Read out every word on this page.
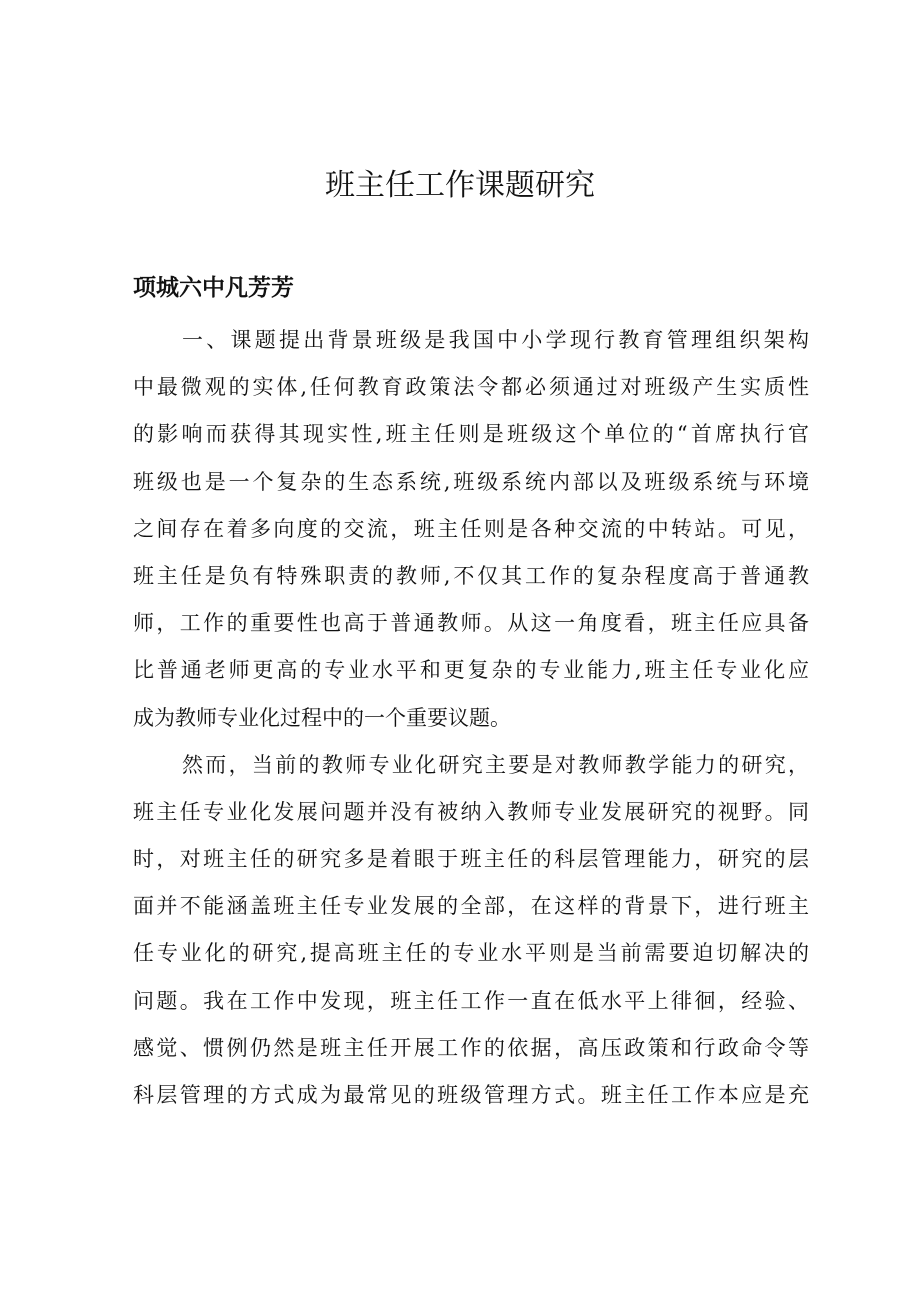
班主任工作课题研究
项城六中凡芳芳
一、课题提出背景班级是我国中小学现行教育管理组织架构
中最微观的实体,任何教育政策法令都必须通过对班级产生实质性
的影响而获得其现实性,班主任则是班级这个单位的“首席执行官
班级也是一个复杂的生态系统,班级系统内部以及班级系统与环境
之间存在着多向度的交流，班主任则是各种交流的中转站。可见，
班主任是负有特殊职责的教师,不仅其工作的复杂程度高于普通教
师，工作的重要性也高于普通教师。从这一角度看，班主任应具备
比普通老师更高的专业水平和更复杂的专业能力,班主任专业化应
成为教师专业化过程中的一个重要议题。
然而，当前的教师专业化研究主要是对教师教学能力的研究，
班主任专业化发展问题并没有被纳入教师专业发展研究的视野。同
时，对班主任的研究多是着眼于班主任的科层管理能力，研究的层
面并不能涵盖班主任专业发展的全部，在这样的背景下，进行班主
任专业化的研究,提高班主任的专业水平则是当前需要迫切解决的
问题。我在工作中发现，班主任工作一直在低水平上徘徊，经验、
感觉、惯例仍然是班主任开展工作的依据，高压政策和行政命令等
科层管理的方式成为最常见的班级管理方式。班主任工作本应是充
